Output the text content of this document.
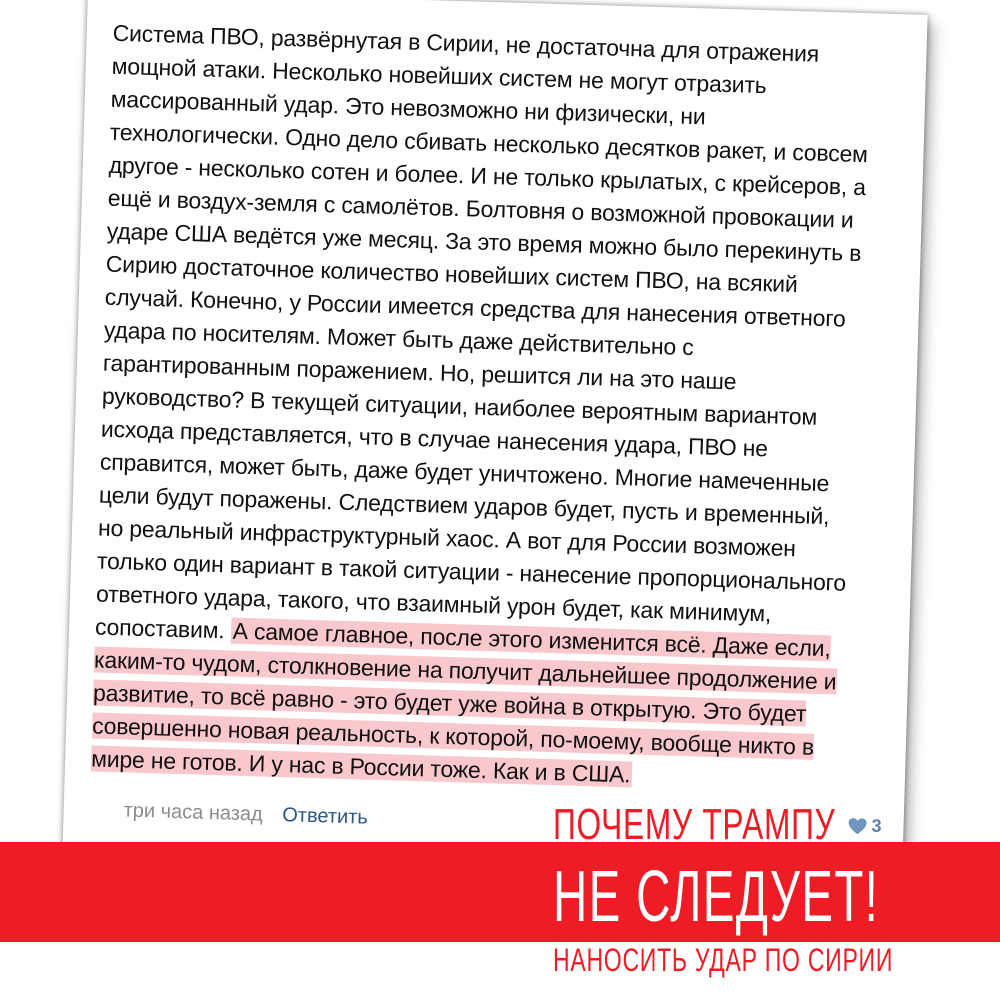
Система ПВО, развёрнутая в Сирии, не достаточна для отражения мощной атаки. Несколько новейших систем не могут отразить массированный удар. Это невозможно ни физически, ни технологически. Одно дело сбивать несколько десятков ракет, и совсем другое - несколько сотен и более. И не только крылатых, с крейсеров, а ещё и воздух-земля с самолётов. Болтовня о возможной провокации и ударе США ведётся уже месяц. За это время можно было перекинуть в Сирию достаточное количество новейших систем ПВО, на всякий случай. Конечно, у России имеется средства для нанесения ответного удара по носителям. Может быть даже действительно с гарантированным поражением. Но, решится ли на это наше руководство? В текущей ситуации, наиболее вероятным вариантом исхода представляется, что в случае нанесения удара, ПВО не справится, может быть, даже будет уничтожено. Многие намеченные цели будут поражены. Следствием ударов будет, пусть и временный, но реальный инфраструктурный хаос. А вот для России возможен только один вариант в такой ситуации - нанесение пропорционального ответного удара, такого, что взаимный урон будет, как минимум, сопоставим. А самое главное, после этого изменится всё. Даже если, каким-то чудом, столкновение на получит дальнейшее продолжение и развитие, то всё равно - это будет уже война в открытую. Это будет совершенно новая реальность, к которой, по-моему, вообще никто в мире не готов. И у нас в России тоже. Как и в США.
три часа назад Ответить	3
ПОЧЕМУ ТРАМПУ
НЕ СЛЕДУЕТ!
НАНОСИТЬ УДАР ПО СИРИИ
